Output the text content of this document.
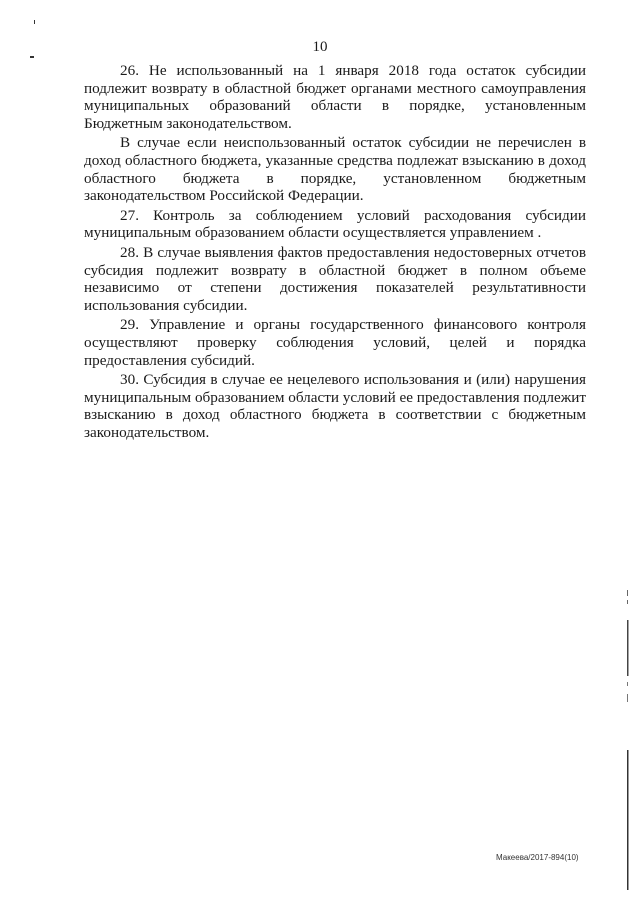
10

26. Не использованный на 1 января 2018 года остаток субсидии подлежит возврату в областной бюджет органами местного самоуправления муниципальных образований области в порядке, установленным Бюджетным законодательством.

В случае если неиспользованный остаток субсидии не перечислен в доход областного бюджета, указанные средства подлежат взысканию в доход областного бюджета в порядке, установленном бюджетным законодательством Российской Федерации.

27. Контроль за соблюдением условий расходования субсидии муниципальным образованием области осуществляется управлением .

28. В случае выявления фактов предоставления недостоверных отчетов субсидия подлежит возврату в областной бюджет в полном объеме независимо от степени достижения показателей результативности использования субсидии.

29. Управление и органы государственного финансового контроля осуществляют проверку соблюдения условий, целей и порядка предоставления субсидий.

30. Субсидия в случае ее нецелевого использования и (или) нарушения муниципальным образованием области условий ее предоставления подлежит взысканию в доход областного бюджета в соответствии с бюджетным законодательством.

Макеева/2017-894(10)
